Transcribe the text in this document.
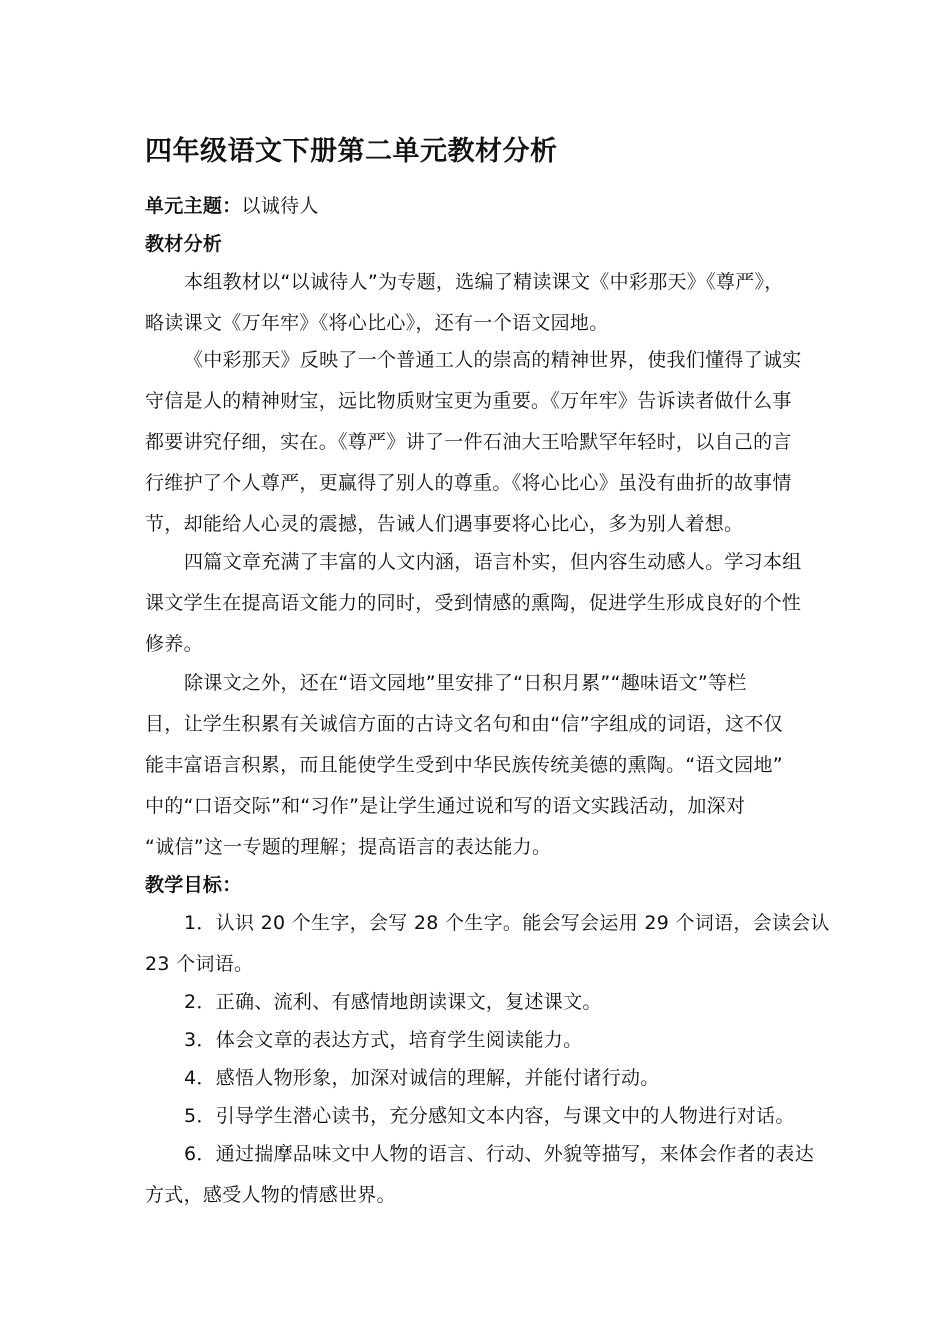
四年级语文下册第二单元教材分析
单元主题：以诚待人
教材分析
本组教材以“以诚待人”为专题，选编了精读课文《中彩那天》《尊严》，
略读课文《万年牢》《将心比心》，还有一个语文园地。
《中彩那天》反映了一个普通工人的崇高的精神世界，使我们懂得了诚实
守信是人的精神财宝，远比物质财宝更为重要。《万年牢》告诉读者做什么事
都要讲究仔细，实在。《尊严》讲了一件石油大王哈默罕年轻时，以自己的言
行维护了个人尊严，更赢得了别人的尊重。《将心比心》虽没有曲折的故事情
节，却能给人心灵的震撼，告诫人们遇事要将心比心，多为别人着想。
四篇文章充满了丰富的人文内涵，语言朴实，但内容生动感人。学习本组
课文学生在提高语文能力的同时，受到情感的熏陶，促进学生形成良好的个性
修养。
除课文之外，还在“语文园地”里安排了“日积月累”“趣味语文”等栏
目，让学生积累有关诚信方面的古诗文名句和由“信”字组成的词语，这不仅
能丰富语言积累，而且能使学生受到中华民族传统美德的熏陶。“语文园地”
中的“口语交际”和“习作”是让学生通过说和写的语文实践活动，加深对
“诚信”这一专题的理解；提高语言的表达能力。
教学目标：
1．认识 20 个生字，会写 28 个生字。能会写会运用 29 个词语，会读会认
23 个词语。
2．正确、流利、有感情地朗读课文，复述课文。
3．体会文章的表达方式，培育学生阅读能力。
4．感悟人物形象，加深对诚信的理解，并能付诸行动。
5．引导学生潜心读书，充分感知文本内容，与课文中的人物进行对话。
6．通过揣摩品味文中人物的语言、行动、外貌等描写，来体会作者的表达
方式，感受人物的情感世界。
